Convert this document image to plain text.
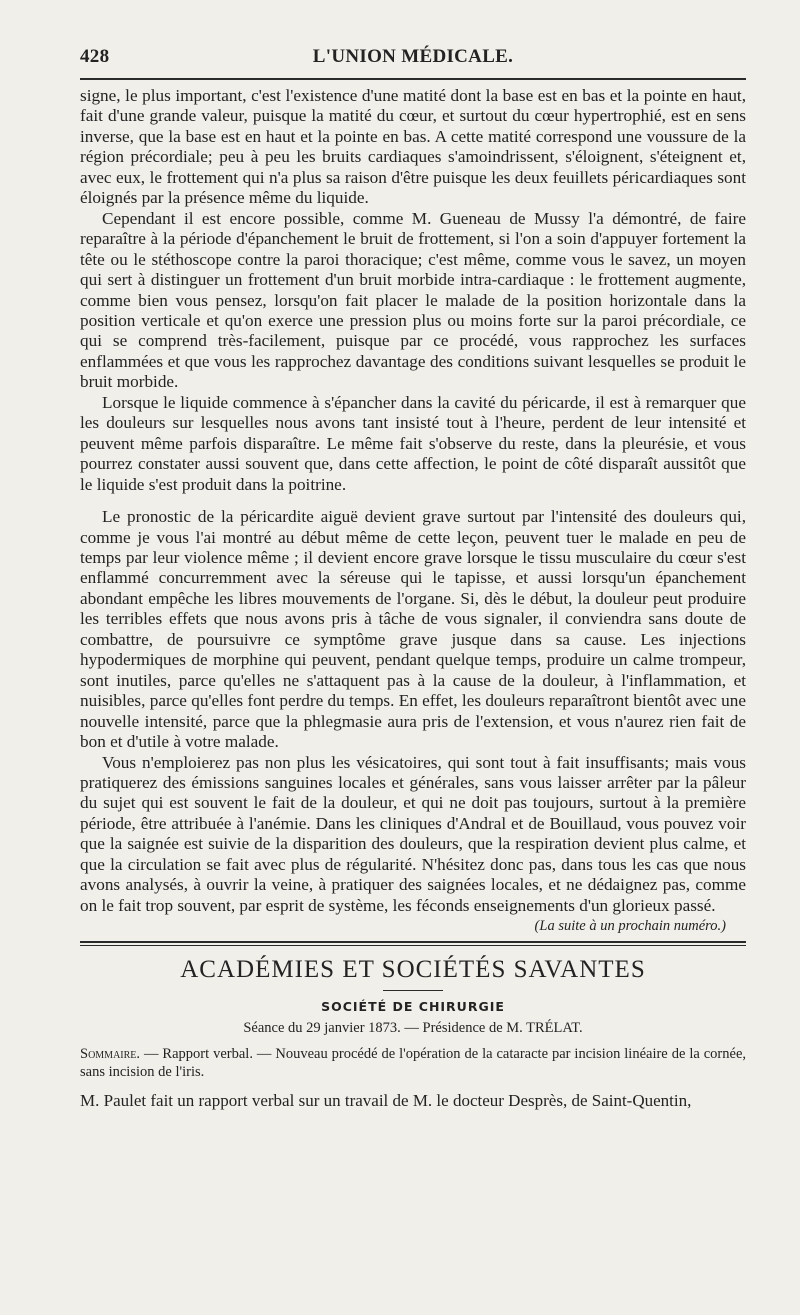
428	L'UNION MÉDICALE.

signe, le plus important, c'est l'existence d'une matité dont la base est en bas et la pointe en haut, fait d'une grande valeur, puisque la matité du cœur, et surtout du cœur hypertrophié, est en sens inverse, que la base est en haut et la pointe en bas. A cette matité correspond une voussure de la région précordiale; peu à peu les bruits cardiaques s'amoindrissent, s'éloignent, s'éteignent et, avec eux, le frottement qui n'a plus sa raison d'être puisque les deux feuillets péricardiaques sont éloignés par la présence même du liquide.

Cependant il est encore possible, comme M. Gueneau de Mussy l'a démontré, de faire reparaître à la période d'épanchement le bruit de frottement, si l'on a soin d'appuyer fortement la tête ou le stéthoscope contre la paroi thoracique; c'est même, comme vous le savez, un moyen qui sert à distinguer un frottement d'un bruit morbide intra-cardiaque : le frottement augmente, comme bien vous pensez, lorsqu'on fait placer le malade de la position horizontale dans la position verticale et qu'on exerce une pression plus ou moins forte sur la paroi précordiale, ce qui se comprend très-facilement, puisque par ce procédé, vous rapprochez les surfaces enflammées et que vous les rapprochez davantage des conditions suivant lesquelles se produit le bruit morbide.

Lorsque le liquide commence à s'épancher dans la cavité du péricarde, il est à remarquer que les douleurs sur lesquelles nous avons tant insisté tout à l'heure, perdent de leur intensité et peuvent même parfois disparaître. Le même fait s'observe du reste, dans la pleurésie, et vous pourrez constater aussi souvent que, dans cette affection, le point de côté disparaît aussitôt que le liquide s'est produit dans la poitrine.

Le pronostic de la péricardite aiguë devient grave surtout par l'intensité des douleurs qui, comme je vous l'ai montré au début même de cette leçon, peuvent tuer le malade en peu de temps par leur violence même ; il devient encore grave lorsque le tissu musculaire du cœur s'est enflammé concurremment avec la séreuse qui le tapisse, et aussi lorsqu'un épanchement abondant empêche les libres mouvements de l'organe. Si, dès le début, la douleur peut produire les terribles effets que nous avons pris à tâche de vous signaler, il conviendra sans doute de combattre, de poursuivre ce symptôme grave jusque dans sa cause. Les injections hypodermiques de morphine qui peuvent, pendant quelque temps, produire un calme trompeur, sont inutiles, parce qu'elles ne s'attaquent pas à la cause de la douleur, à l'inflammation, et nuisibles, parce qu'elles font perdre du temps. En effet, les douleurs reparaîtront bientôt avec une nouvelle intensité, parce que la phlegmasie aura pris de l'extension, et vous n'aurez rien fait de bon et d'utile à votre malade.

Vous n'emploierez pas non plus les vésicatoires, qui sont tout à fait insuffisants; mais vous pratiquerez des émissions sanguines locales et générales, sans vous laisser arrêter par la pâleur du sujet qui est souvent le fait de la douleur, et qui ne doit pas toujours, surtout à la première période, être attribuée à l'anémie. Dans les cliniques d'Andral et de Bouillaud, vous pouvez voir que la saignée est suivie de la disparition des douleurs, que la respiration devient plus calme, et que la circulation se fait avec plus de régularité. N'hésitez donc pas, dans tous les cas que nous avons analysés, à ouvrir la veine, à pratiquer des saignées locales, et ne dédaignez pas, comme on le fait trop souvent, par esprit de système, les féconds enseignements d'un glorieux passé.

(La suite à un prochain numéro.)
ACADÉMIES ET SOCIÉTÉS SAVANTES
SOCIÉTÉ DE CHIRURGIE
Séance du 29 janvier 1873. — Présidence de M. TRÉLAT.
Sommaire. — Rapport verbal. — Nouveau procédé de l'opération de la cataracte par incision linéaire de la cornée, sans incision de l'iris.
M. Paulet fait un rapport verbal sur un travail de M. le docteur Desprès, de Saint-Quentin,
